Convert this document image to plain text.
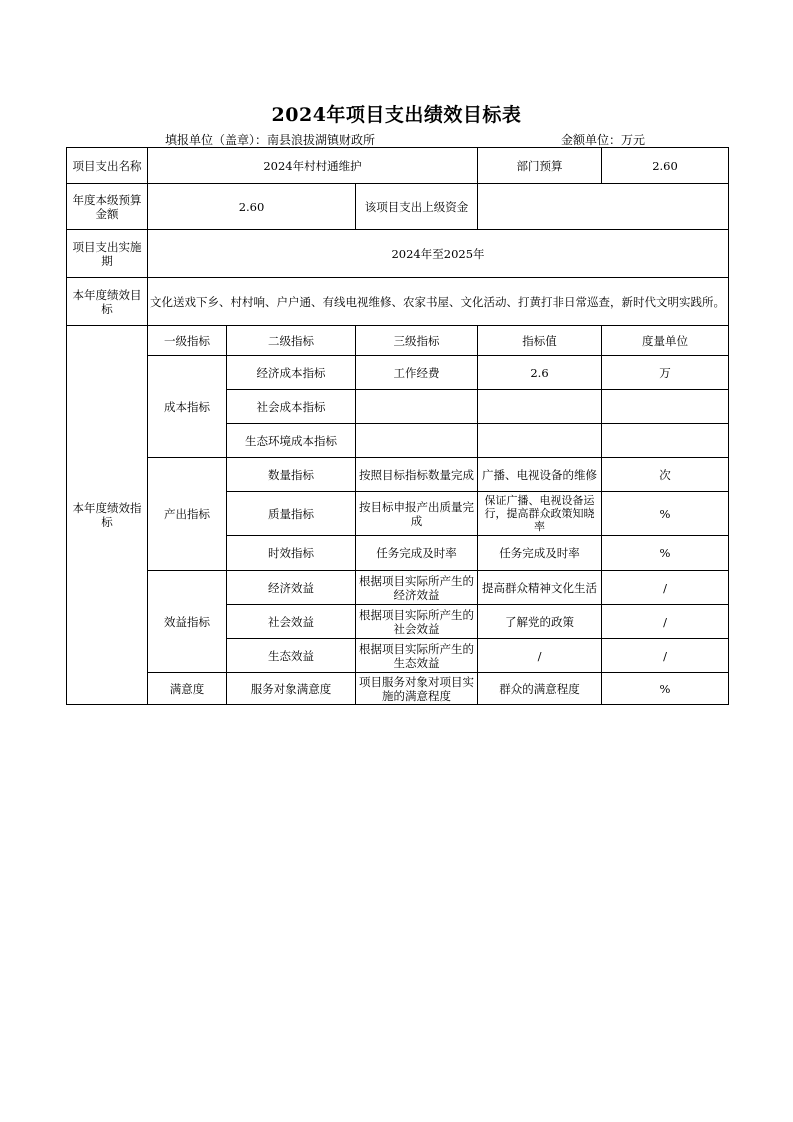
2024年项目支出绩效目标表
填报单位（盖章）：南县浪拔湖镇财政所	金额单位：万元
项目支出名称	2024年村村通维护			部门预算	2.60
年度本级预算金额	2.60		该项目支出上级资金		
项目支出实施期	2024年至2025年				
本年度绩效目标	文化送戏下乡、村村响、户户通、有线电视维修、农家书屋、文化活动、打黄打非日常巡查，新时代文明实践所。				
本年度绩效指标	一级指标	二级指标	三级指标	指标值	度量单位
	成本指标	经济成本指标	工作经费	2.6	万
		社会成本指标			
		生态环境成本指标			
	产出指标	数量指标	按照目标指标数量完成	广播、电视设备的维修	次
		质量指标	按目标申报产出质量完成	保证广播、电视设备运行，提高群众政策知晓率	%
		时效指标	任务完成及时率	任务完成及时率	%
	效益指标	经济效益	根据项目实际所产生的经济效益	提高群众精神文化生活	/
		社会效益	根据项目实际所产生的社会效益	了解党的政策	/
		生态效益	根据项目实际所产生的生态效益	/	/
	满意度	服务对象满意度	项目服务对象对项目实施的满意程度	群众的满意程度	%
